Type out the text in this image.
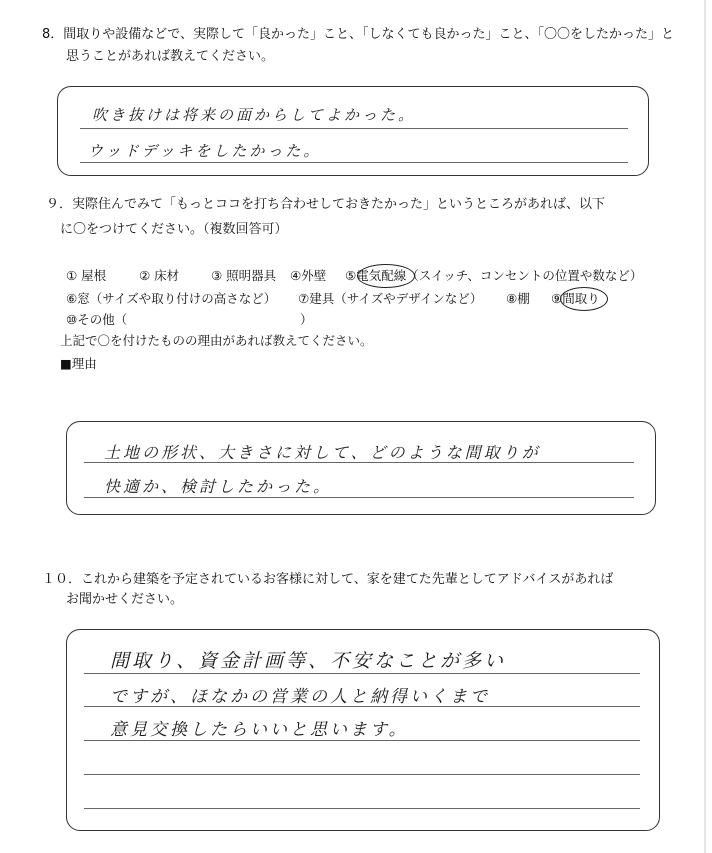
8．間取りや設備などで、実際して「良かった」こと、「しなくても良かった」こと、「〇〇をしたかった」と
思うことがあれば教えてください。
吹き抜けは将来の面からしてよかった。
ウッドデッキをしたかった。
９．実際住んでみて「もっとココを打ち合わせしておきたかった」というところがあれば、以下
に〇をつけてください。（複数回答可）
① 屋根	② 床材	③ 照明器具 ④外壁 ⑤電気配線（スイッチ、コンセントの位置や数など）
⑥窓（サイズや取り付けの高さなど） ⑦建具（サイズやデザインなど） ⑧棚 ⑨間取り
⑩その他（	）
上記で〇を付けたものの理由があれば教えてください。
■理由
土地の形状、大きさに対して、どのような間取りが
快適か、検討したかった。
１０．これから建築を予定されているお客様に対して、家を建てた先輩としてアドバイスがあれば
お聞かせください。
間取り、資金計画等、不安なことが多い
ですが、ほなかの営業の人と納得いくまで
意見交換したらいいと思います。
